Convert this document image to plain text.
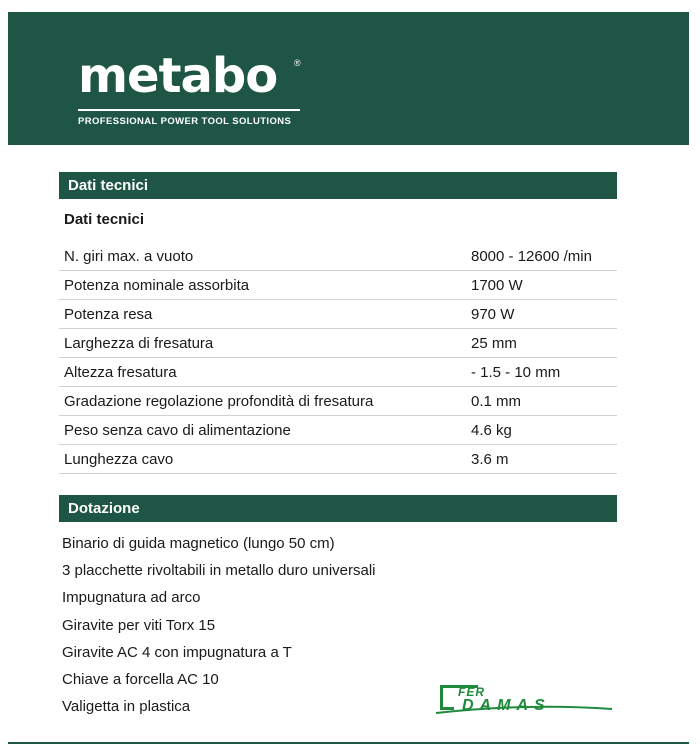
metabo ®
PROFESSIONAL POWER TOOL SOLUTIONS
Dati tecnici
Dati tecnici
N. giri max. a vuoto	8000 - 12600 /min
Potenza nominale assorbita	1700 W
Potenza resa	970 W
Larghezza di fresatura	25 mm
Altezza fresatura	- 1.5 - 10 mm
Gradazione regolazione profondità di fresatura	0.1 mm
Peso senza cavo di alimentazione	4.6 kg
Lunghezza cavo	3.6 m
Dotazione
Binario di guida magnetico (lungo 50 cm)
3 placchette rivoltabili in metallo duro universali
Impugnatura ad arco
Giravite per viti Torx 15
Giravite AC 4 con impugnatura a T
Chiave a forcella AC 10
Valigetta in plastica
FER
DAMAS
